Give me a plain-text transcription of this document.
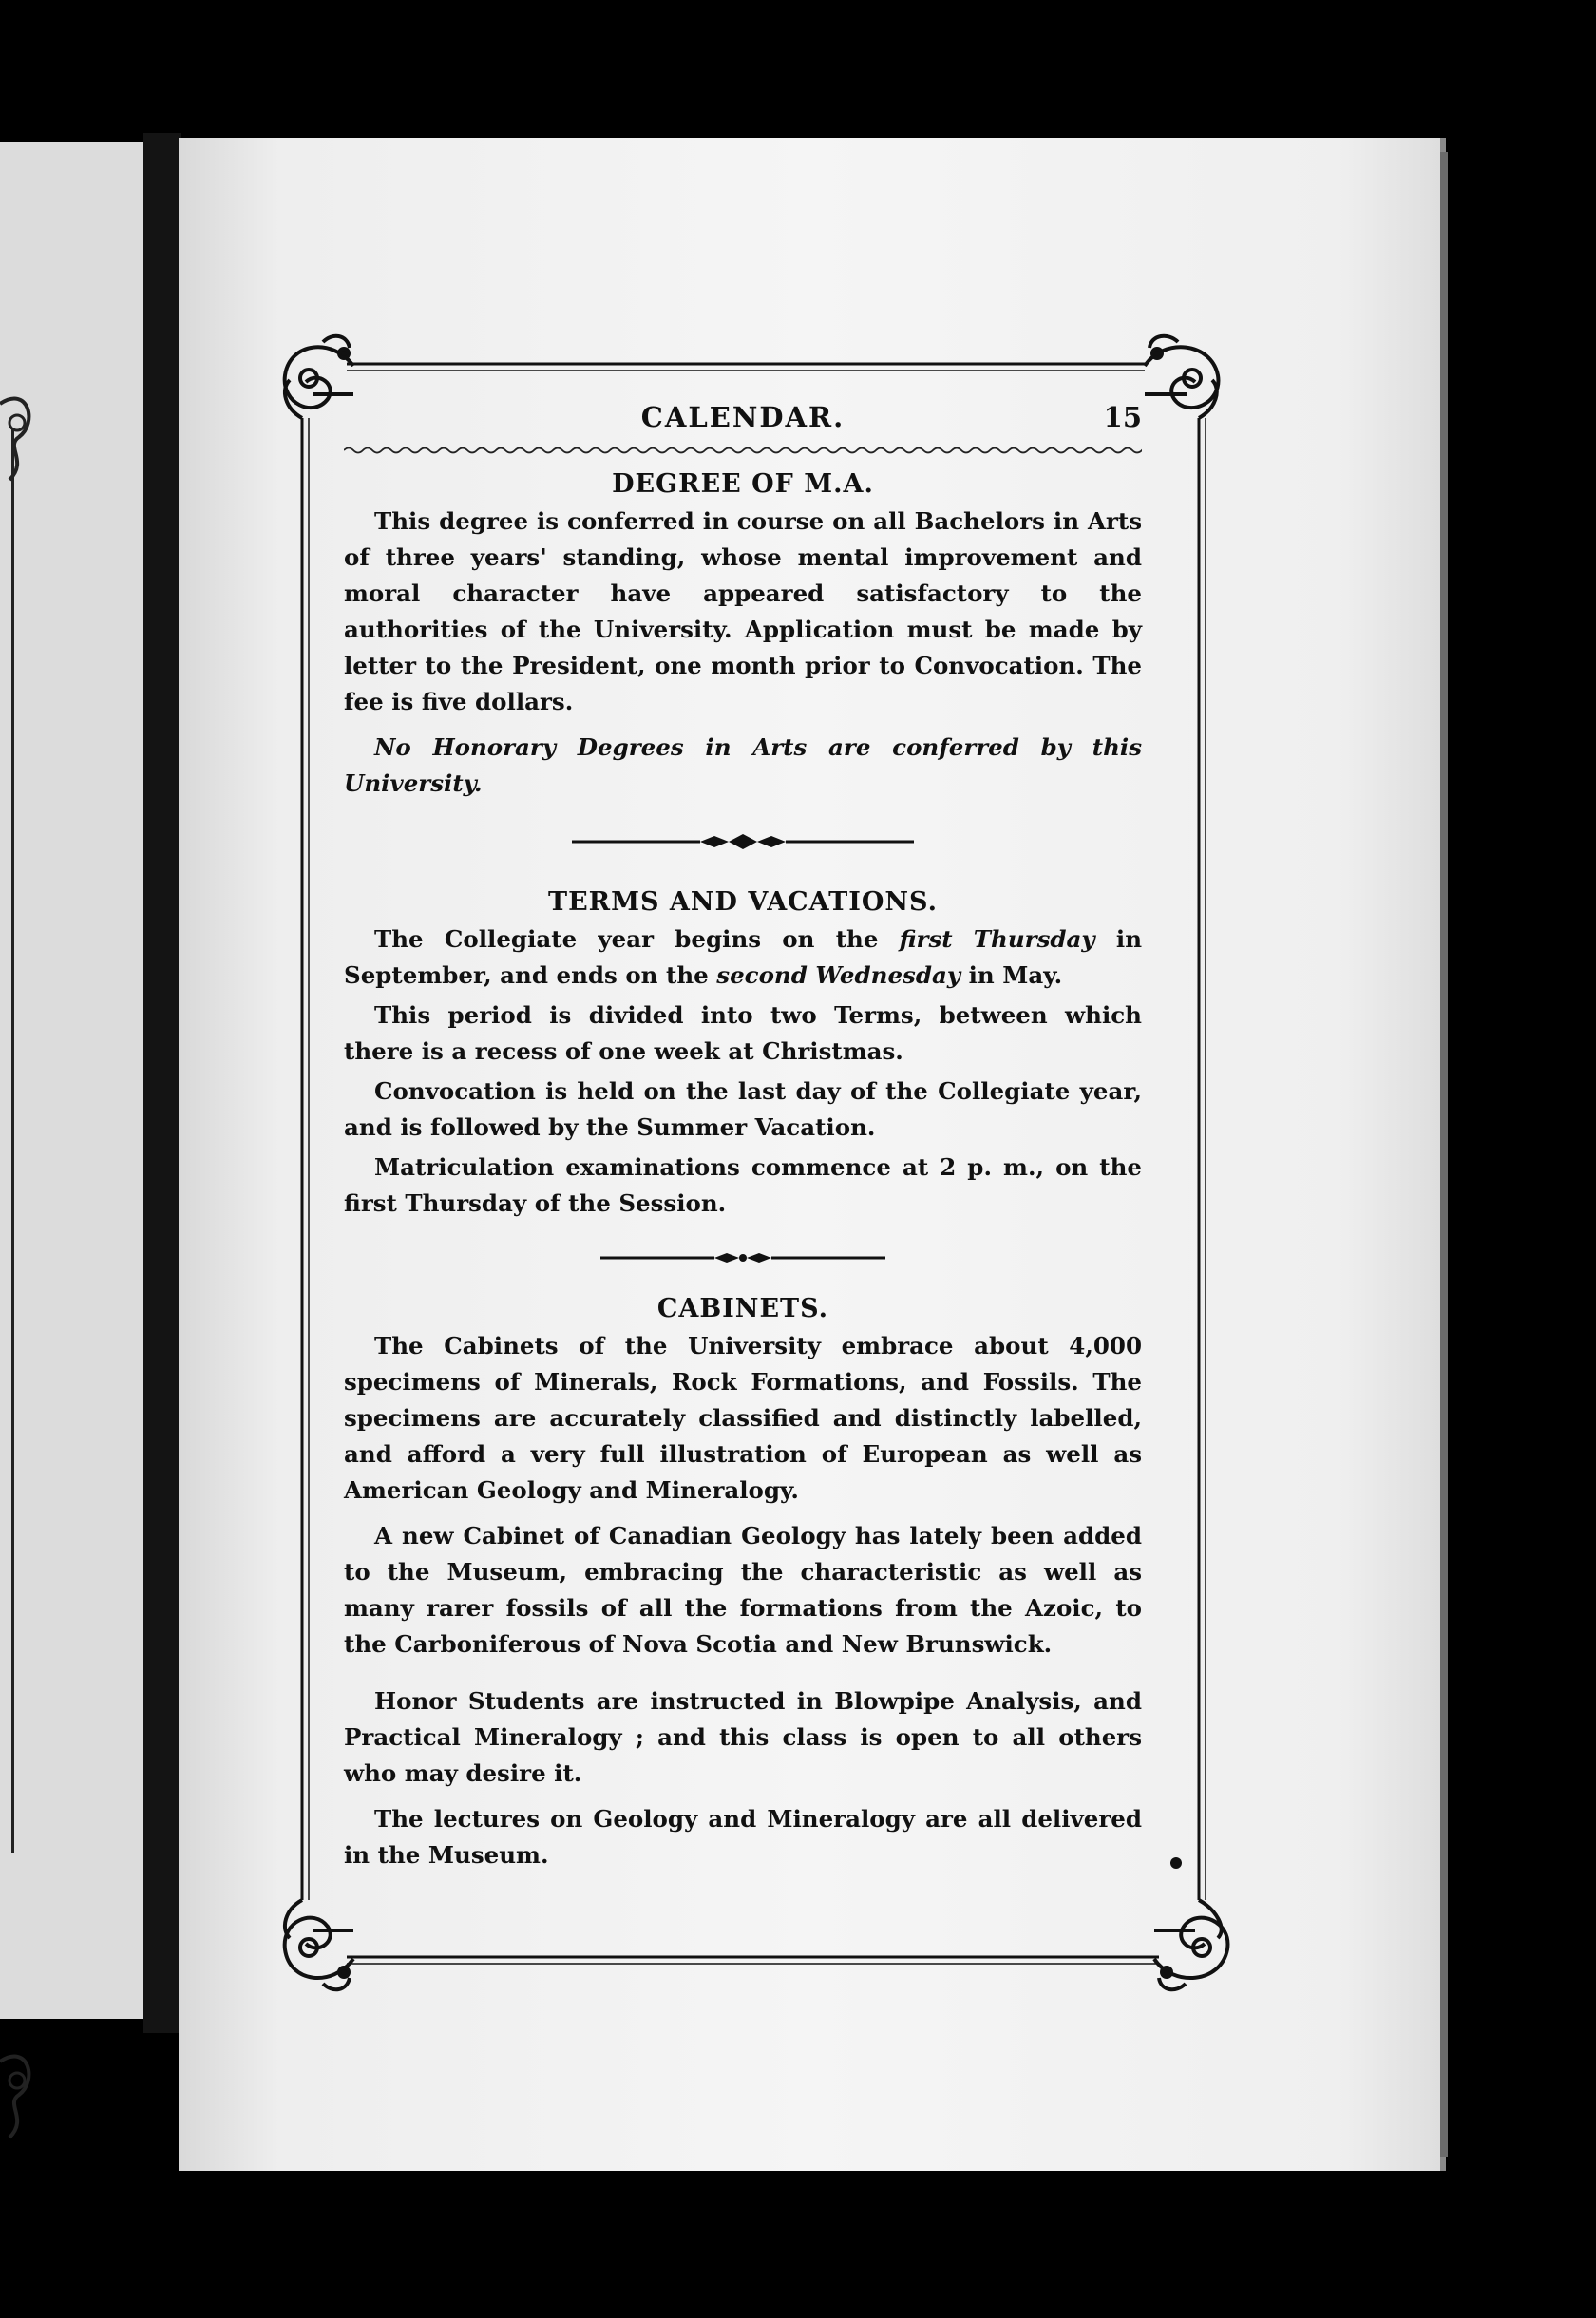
CALENDAR.	15
DEGREE OF M.A.

This degree is conferred in course on all Bachelors in Arts of three years' standing, whose mental improvement and moral character have appeared satisfactory to the authorities of the University. Application must be made by letter to the President, one month prior to Convocation. The fee is five dollars.

No Honorary Degrees in Arts are conferred by this University.

TERMS AND VACATIONS.

The Collegiate year begins on the first Thursday in September, and ends on the second Wednesday in May.

This period is divided into two Terms, between which there is a recess of one week at Christmas.

Convocation is held on the last day of the Collegiate year, and is followed by the Summer Vacation.

Matriculation examinations commence at 2 p. m., on the first Thursday of the Session.

CABINETS.

The Cabinets of the University embrace about 4,000 specimens of Minerals, Rock Formations, and Fossils. The specimens are accurately classified and distinctly labelled, and afford a very full illustration of European as well as American Geology and Mineralogy.

A new Cabinet of Canadian Geology has lately been added to the Museum, embracing the characteristic as well as many rarer fossils of all the formations from the Azoic, to the Carboniferous of Nova Scotia and New Brunswick.

Honor Students are instructed in Blowpipe Analysis, and Practical Mineralogy ; and this class is open to all others who may desire it.

The lectures on Geology and Mineralogy are all delivered in the Museum.
